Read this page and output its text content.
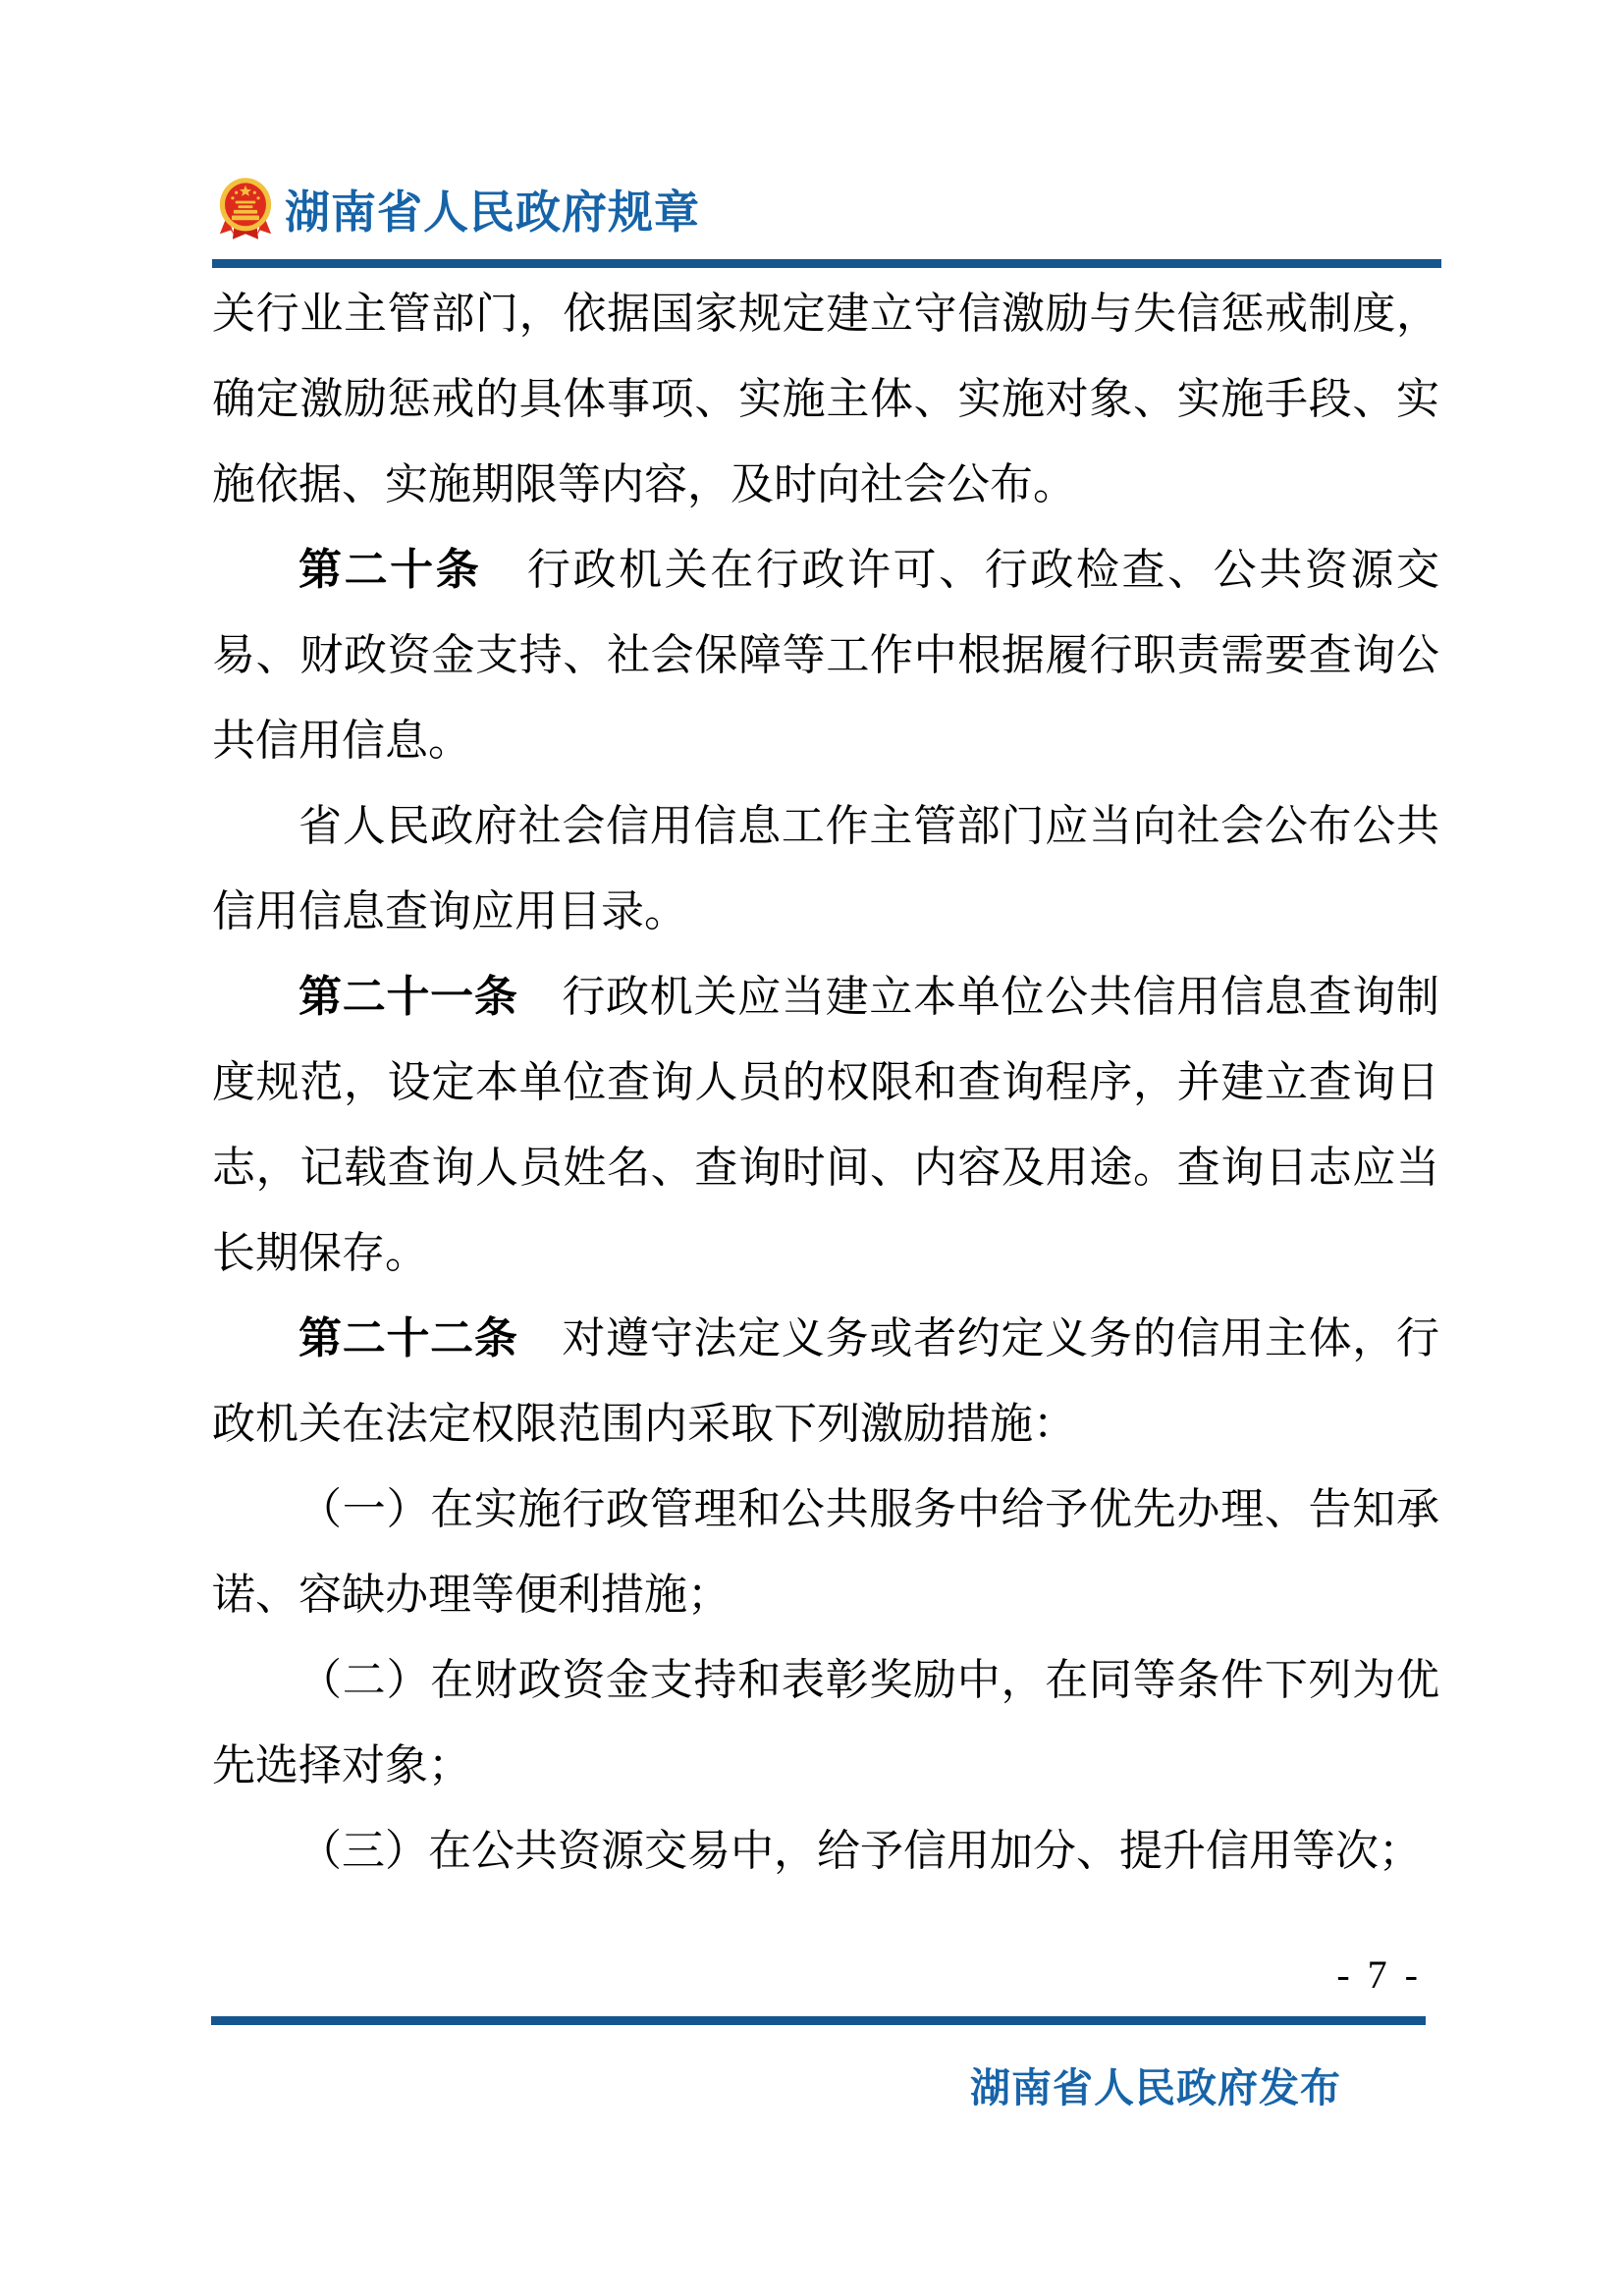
湖南省人民政府规章

关行业主管部门，依据国家规定建立守信激励与失信惩戒制度，确定激励惩戒的具体事项、实施主体、实施对象、实施手段、实施依据、实施期限等内容，及时向社会公布。

第二十条　行政机关在行政许可、行政检查、公共资源交易、财政资金支持、社会保障等工作中根据履行职责需要查询公共信用信息。

省人民政府社会信用信息工作主管部门应当向社会公布公共信用信息查询应用目录。

第二十一条　行政机关应当建立本单位公共信用信息查询制度规范，设定本单位查询人员的权限和查询程序，并建立查询日志，记载查询人员姓名、查询时间、内容及用途。查询日志应当长期保存。

第二十二条　对遵守法定义务或者约定义务的信用主体，行政机关在法定权限范围内采取下列激励措施：

（一）在实施行政管理和公共服务中给予优先办理、告知承诺、容缺办理等便利措施；

（二）在财政资金支持和表彰奖励中，在同等条件下列为优先选择对象；

（三）在公共资源交易中，给予信用加分、提升信用等次；

- 7 -
湖南省人民政府发布
